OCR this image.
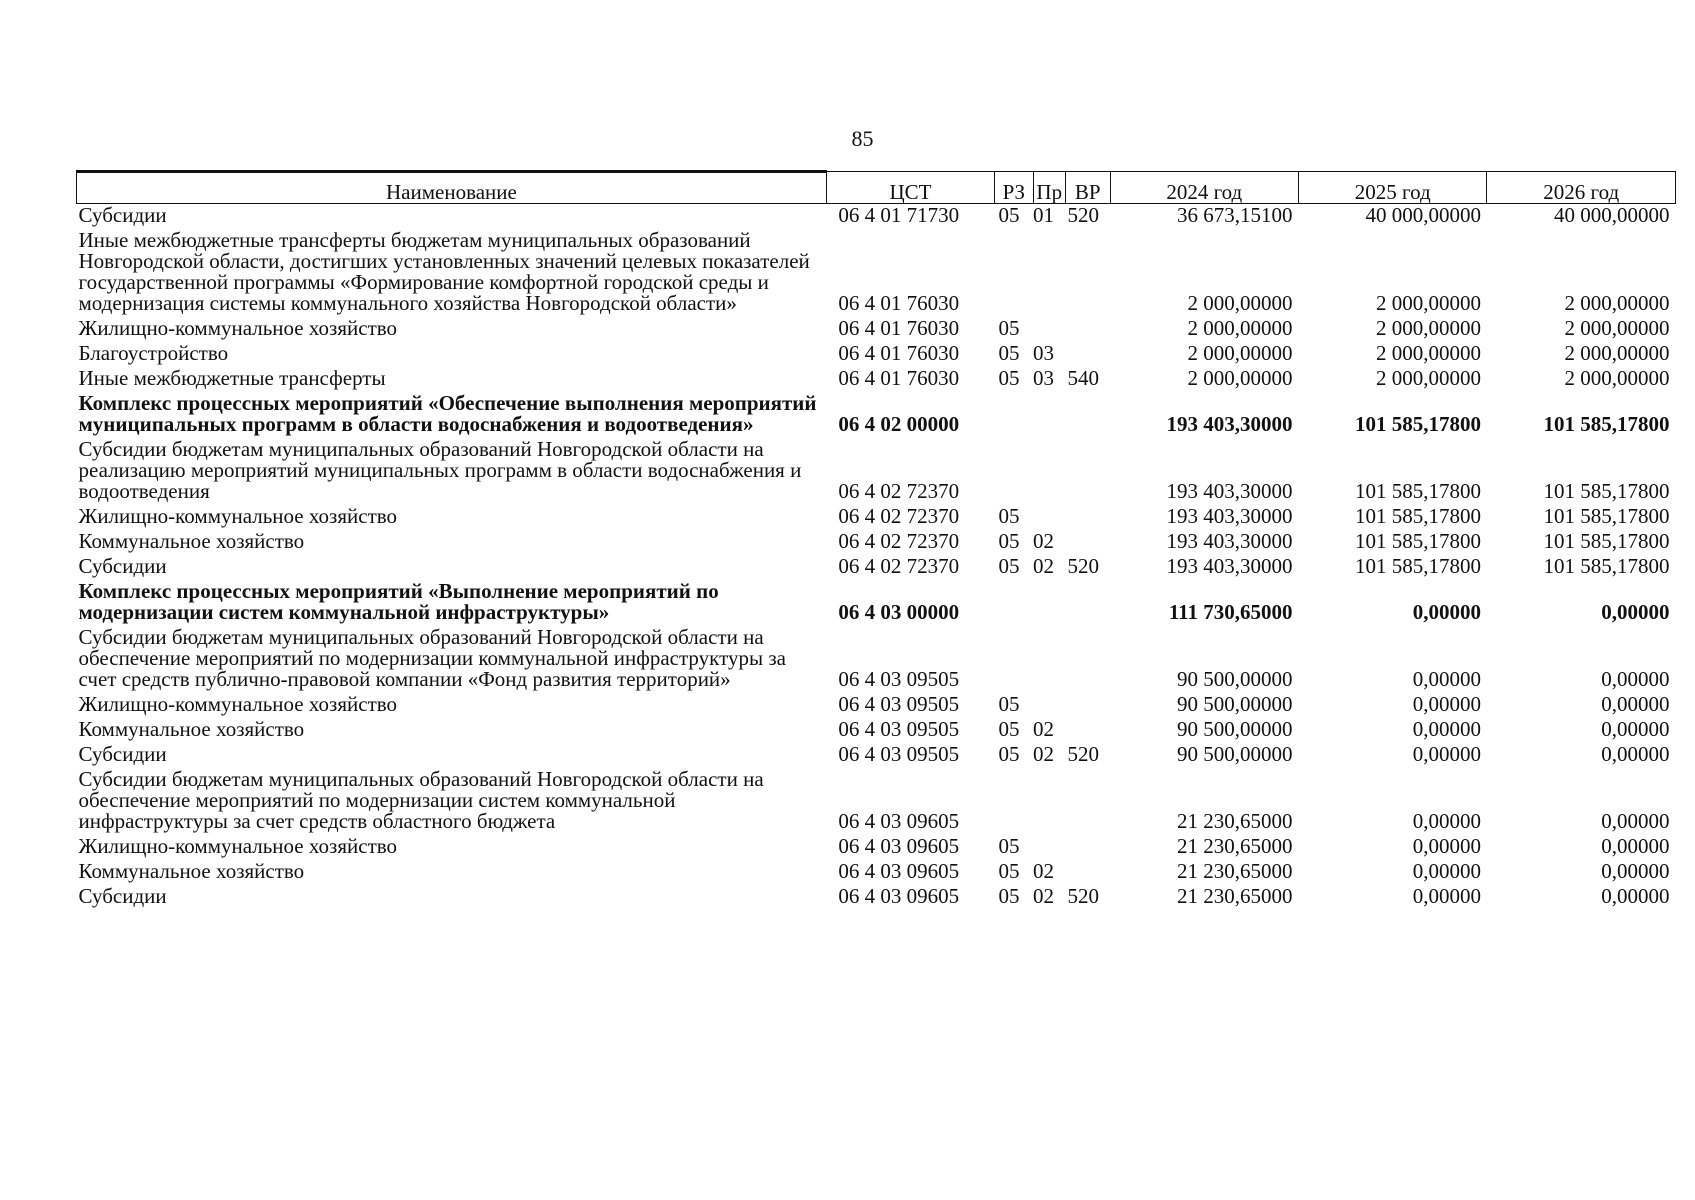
85
Наименование	ЦСТ	РЗ	Пр	ВР	2024 год	2025 год	2026 год
Субсидии	06 4 01 71730	05	01	520	36 673,15100	40 000,00000	40 000,00000
Иные межбюджетные трансферты бюджетам муниципальных образований Новгородской области, достигших установленных значений целевых показателей государственной программы «Формирование комфортной городской среды и модернизация системы коммунального хозяйства Новгородской области»	06 4 01 76030				2 000,00000	2 000,00000	2 000,00000
Жилищно-коммунальное хозяйство	06 4 01 76030	05			2 000,00000	2 000,00000	2 000,00000
Благоустройство	06 4 01 76030	05	03		2 000,00000	2 000,00000	2 000,00000
Иные межбюджетные трансферты	06 4 01 76030	05	03	540	2 000,00000	2 000,00000	2 000,00000
Комплекс процессных мероприятий «Обеспечение выполнения мероприятий муниципальных программ в области водоснабжения и водоотведения»	06 4 02 00000				193 403,30000	101 585,17800	101 585,17800
Субсидии бюджетам муниципальных образований Новгородской области на реализацию мероприятий муниципальных программ в области водоснабжения и водоотведения	06 4 02 72370				193 403,30000	101 585,17800	101 585,17800
Жилищно-коммунальное хозяйство	06 4 02 72370	05			193 403,30000	101 585,17800	101 585,17800
Коммунальное хозяйство	06 4 02 72370	05	02		193 403,30000	101 585,17800	101 585,17800
Субсидии	06 4 02 72370	05	02	520	193 403,30000	101 585,17800	101 585,17800
Комплекс процессных мероприятий «Выполнение мероприятий по модернизации систем коммунальной инфраструктуры»	06 4 03 00000				111 730,65000	0,00000	0,00000
Субсидии бюджетам муниципальных образований Новгородской области на обеспечение мероприятий по модернизации коммунальной инфраструктуры за счет средств публично-правовой компании «Фонд развития территорий»	06 4 03 09505				90 500,00000	0,00000	0,00000
Жилищно-коммунальное хозяйство	06 4 03 09505	05			90 500,00000	0,00000	0,00000
Коммунальное хозяйство	06 4 03 09505	05	02		90 500,00000	0,00000	0,00000
Субсидии	06 4 03 09505	05	02	520	90 500,00000	0,00000	0,00000
Субсидии бюджетам муниципальных образований Новгородской области на обеспечение мероприятий по модернизации систем коммунальной инфраструктуры за счет средств областного бюджета	06 4 03 09605				21 230,65000	0,00000	0,00000
Жилищно-коммунальное хозяйство	06 4 03 09605	05			21 230,65000	0,00000	0,00000
Коммунальное хозяйство	06 4 03 09605	05	02		21 230,65000	0,00000	0,00000
Субсидии	06 4 03 09605	05	02	520	21 230,65000	0,00000	0,00000
